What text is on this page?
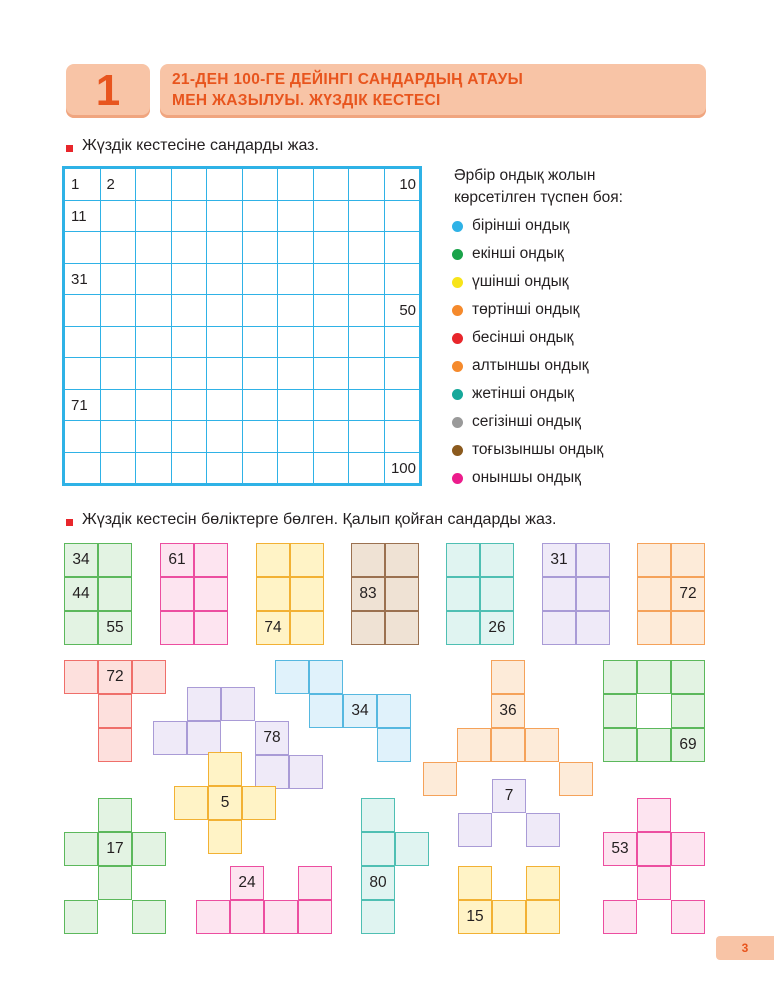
1	21-ДЕН 100-ГЕ ДЕЙІНГІ САНДАРДЫҢ АТАУЫ
МЕН ЖАЗЫЛУЫ. ЖҮЗДІК КЕСТЕСІ
Жүздік кестесіне сандарды жаз.
1	2								10

11									

31									

									50

71									

									100
Әрбір ондық жолын
көрсетілген түспен боя:
бірінші ондық
екінші ондық
үшінші ондық
төртінші ондық
бесінші ондық
алтыншы ондық
жетінші ондық
сегізінші ондық
тоғызыншы ондық
оныншы ондық
Жүздік кестесін бөліктерге бөлген. Қалып қойған сандарды жаз.
34
44
55
61
74
83
26
31
72
72
78
34	36
69
5	7
17
24	80
15
53
3
